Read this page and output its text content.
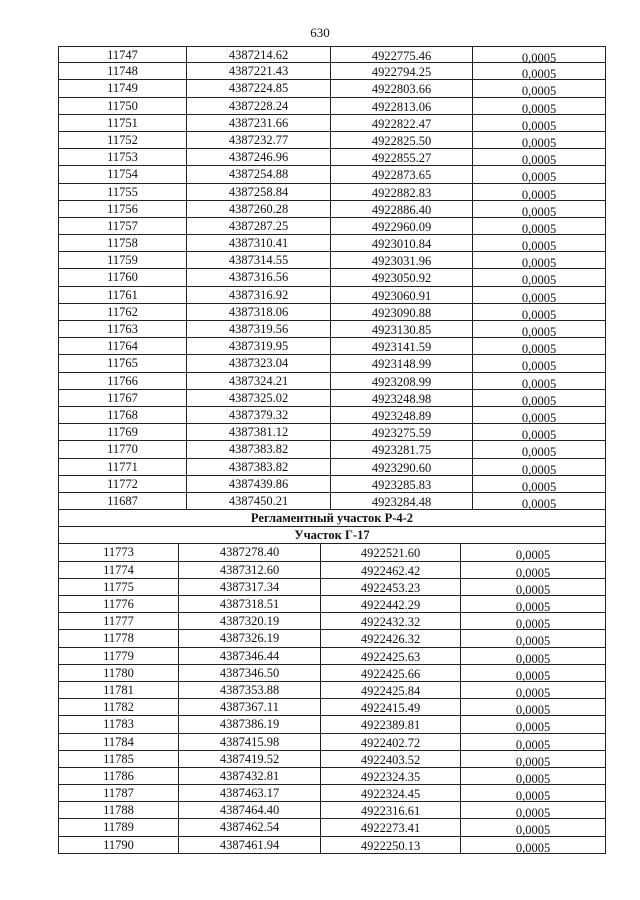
630
11747	4387214.62	4922775.46	0,0005
11748	4387221.43	4922794.25	0,0005
11749	4387224.85	4922803.66	0,0005
11750	4387228.24	4922813.06	0,0005
11751	4387231.66	4922822.47	0,0005
11752	4387232.77	4922825.50	0,0005
11753	4387246.96	4922855.27	0,0005
11754	4387254.88	4922873.65	0,0005
11755	4387258.84	4922882.83	0,0005
11756	4387260.28	4922886.40	0,0005
11757	4387287.25	4922960.09	0,0005
11758	4387310.41	4923010.84	0,0005
11759	4387314.55	4923031.96	0,0005
11760	4387316.56	4923050.92	0,0005
11761	4387316.92	4923060.91	0,0005
11762	4387318.06	4923090.88	0,0005
11763	4387319.56	4923130.85	0,0005
11764	4387319.95	4923141.59	0,0005
11765	4387323.04	4923148.99	0,0005
11766	4387324.21	4923208.99	0,0005
11767	4387325.02	4923248.98	0,0005
11768	4387379.32	4923248.89	0,0005
11769	4387381.12	4923275.59	0,0005
11770	4387383.82	4923281.75	0,0005
11771	4387383.82	4923290.60	0,0005
11772	4387439.86	4923285.83	0,0005
11687	4387450.21	4923284.48	0,0005
Регламентный участок Р-4-2
Участок Г-17
11773	4387278.40	4922521.60	0,0005
11774	4387312.60	4922462.42	0,0005
11775	4387317.34	4922453.23	0,0005
11776	4387318.51	4922442.29	0,0005
11777	4387320.19	4922432.32	0,0005
11778	4387326.19	4922426.32	0,0005
11779	4387346.44	4922425.63	0,0005
11780	4387346.50	4922425.66	0,0005
11781	4387353.88	4922425.84	0,0005
11782	4387367.11	4922415.49	0,0005
11783	4387386.19	4922389.81	0,0005
11784	4387415.98	4922402.72	0,0005
11785	4387419.52	4922403.52	0,0005
11786	4387432.81	4922324.35	0,0005
11787	4387463.17	4922324.45	0,0005
11788	4387464.40	4922316.61	0,0005
11789	4387462.54	4922273.41	0,0005
11790	4387461.94	4922250.13	0,0005
